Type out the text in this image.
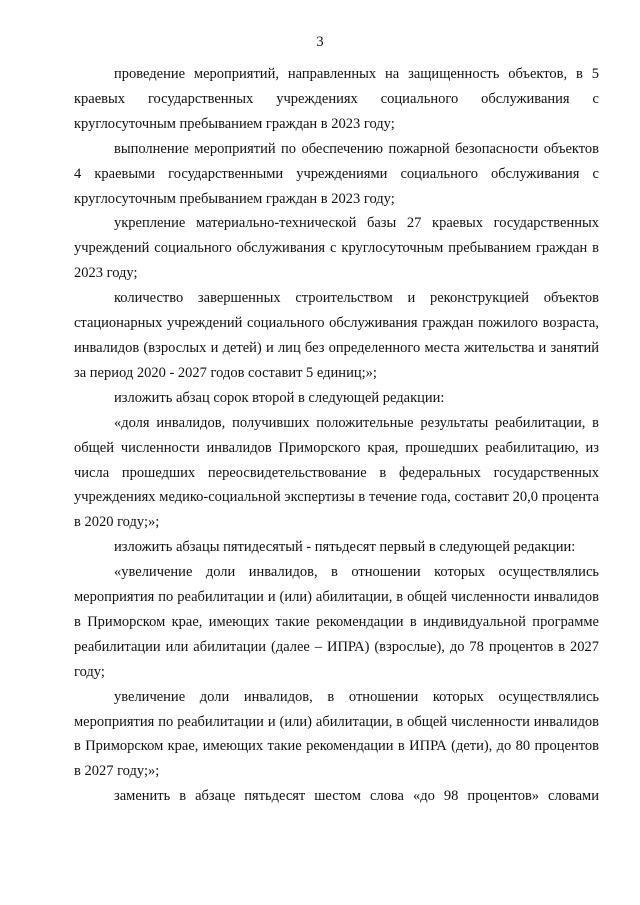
3

проведение мероприятий, направленных на защищенность объектов, в 5 краевых государственных учреждениях социального обслуживания с круглосуточным пребыванием граждан в 2023 году;

выполнение мероприятий по обеспечению пожарной безопасности объектов 4 краевыми государственными учреждениями социального обслуживания с круглосуточным пребыванием граждан в 2023 году;

укрепление материально-технической базы 27 краевых государственных учреждений социального обслуживания с круглосуточным пребыванием граждан в 2023 году;

количество завершенных строительством и реконструкцией объектов стационарных учреждений социального обслуживания граждан пожилого возраста, инвалидов (взрослых и детей) и лиц без определенного места жительства и занятий за период 2020 - 2027 годов составит 5 единиц;»;

изложить абзац сорок второй в следующей редакции:

«доля инвалидов, получивших положительные результаты реабилитации, в общей численности инвалидов Приморского края, прошедших реабилитацию, из числа прошедших переосвидетельствование в федеральных государственных учреждениях медико-социальной экспертизы в течение года, составит 20,0 процента в 2020 году;»;

изложить абзацы пятидесятый - пятьдесят первый в следующей редакции:

«увеличение доли инвалидов, в отношении которых осуществлялись мероприятия по реабилитации и (или) абилитации, в общей численности инвалидов в Приморском крае, имеющих такие рекомендации в индивидуальной программе реабилитации или абилитации (далее – ИПРА) (взрослые), до 78 процентов в 2027 году;

увеличение доли инвалидов, в отношении которых осуществлялись мероприятия по реабилитации и (или) абилитации, в общей численности инвалидов в Приморском крае, имеющих такие рекомендации в ИПРА (дети), до 80 процентов в 2027 году;»;

заменить в абзаце пятьдесят шестом слова «до 98 процентов» словами
